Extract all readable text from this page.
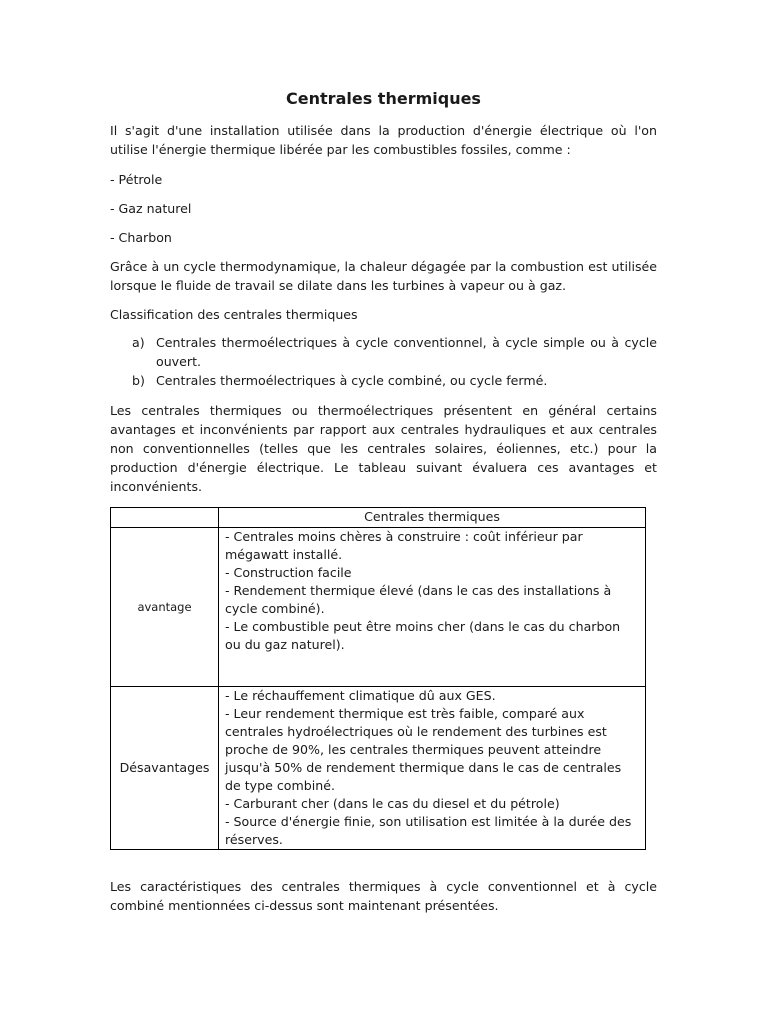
Centrales thermiques

Il s'agit d'une installation utilisée dans la production d'énergie électrique où l'on utilise l'énergie thermique libérée par les combustibles fossiles, comme :

- Pétrole

- Gaz naturel

- Charbon

Grâce à un cycle thermodynamique, la chaleur dégagée par la combustion est utilisée lorsque le fluide de travail se dilate dans les turbines à vapeur ou à gaz.

Classification des centrales thermiques

a) Centrales thermoélectriques à cycle conventionnel, à cycle simple ou à cycle ouvert.
b) Centrales thermoélectriques à cycle combiné, ou cycle fermé.

Les centrales thermiques ou thermoélectriques présentent en général certains avantages et inconvénients par rapport aux centrales hydrauliques et aux centrales non conventionnelles (telles que les centrales solaires, éoliennes, etc.) pour la production d'énergie électrique. Le tableau suivant évaluera ces avantages et inconvénients.

	Centrales thermiques
avantage	- Centrales moins chères à construire : coût inférieur par mégawatt installé.
- Construction facile
- Rendement thermique élevé (dans le cas des installations à cycle combiné).
- Le combustible peut être moins cher (dans le cas du charbon ou du gaz naturel).

Désavantages	- Le réchauffement climatique dû aux GES.
- Leur rendement thermique est très faible, comparé aux centrales hydroélectriques où le rendement des turbines est proche de 90%, les centrales thermiques peuvent atteindre jusqu'à 50% de rendement thermique dans le cas de centrales de type combiné.
- Carburant cher (dans le cas du diesel et du pétrole)
- Source d'énergie finie, son utilisation est limitée à la durée des réserves.

Les caractéristiques des centrales thermiques à cycle conventionnel et à cycle combiné mentionnées ci-dessus sont maintenant présentées.
